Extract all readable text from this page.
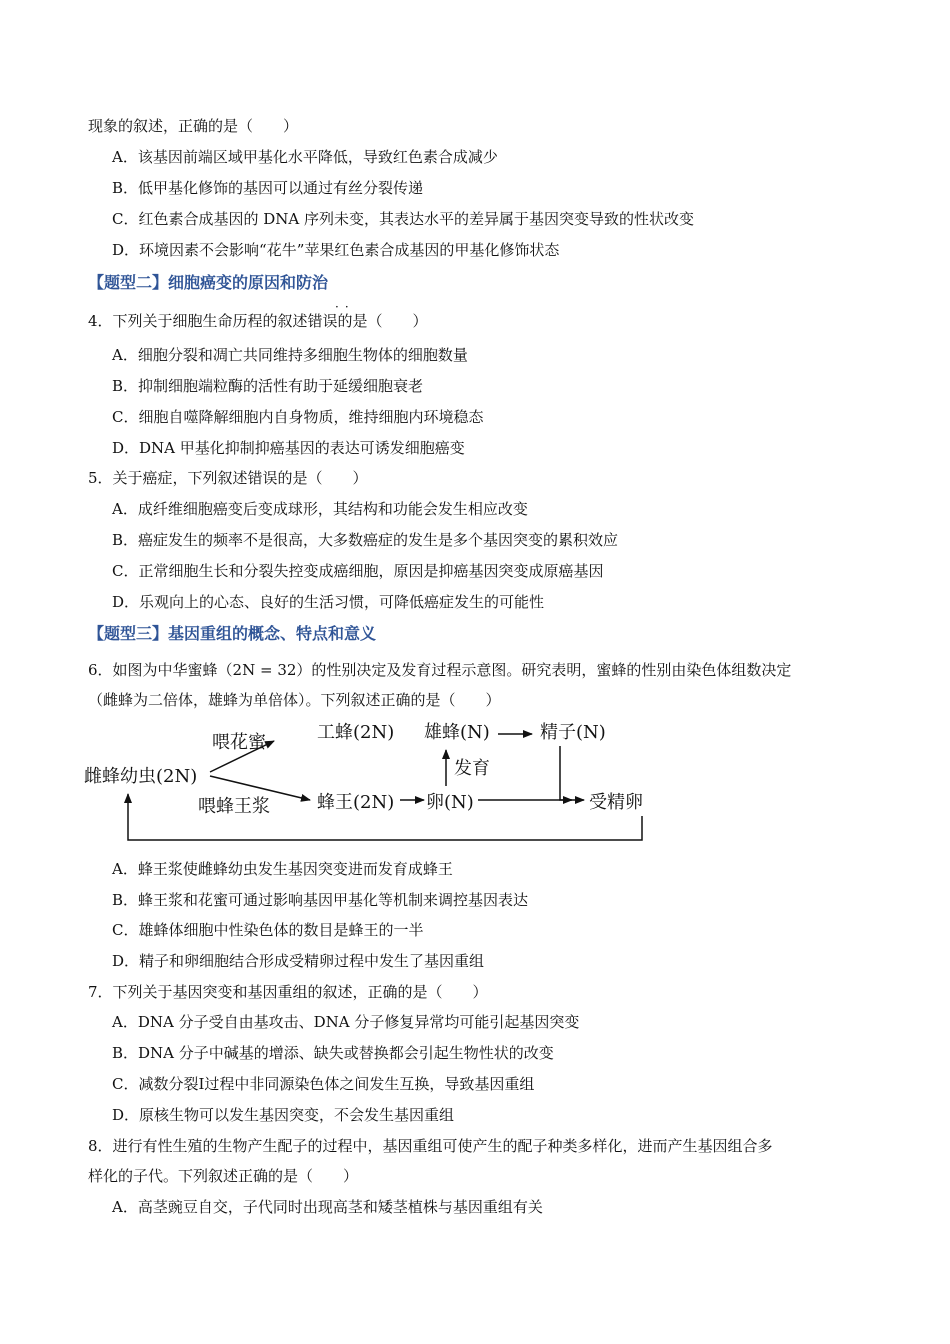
现象的叙述，正确的是（　　）
A．该基因前端区域甲基化水平降低，导致红色素合成减少
B．低甲基化修饰的基因可以通过有丝分裂传递
C．红色素合成基因的 DNA 序列未变，其表达水平的差异属于基因突变导致的性状改变
D．环境因素不会影响“花牛”苹果红色素合成基因的甲基化修饰状态
【题型二】细胞癌变的原因和防治
··
4．下列关于细胞生命历程的叙述错误的是（　　）
A．细胞分裂和凋亡共同维持多细胞生物体的细胞数量
B．抑制细胞端粒酶的活性有助于延缓细胞衰老
C．细胞自噬降解细胞内自身物质，维持细胞内环境稳态
D．DNA 甲基化抑制抑癌基因的表达可诱发细胞癌变
5．关于癌症，下列叙述错误的是（　　）
A．成纤维细胞癌变后变成球形，其结构和功能会发生相应改变
B．癌症发生的频率不是很高，大多数癌症的发生是多个基因突变的累积效应
C．正常细胞生长和分裂失控变成癌细胞，原因是抑癌基因突变成原癌基因
D．乐观向上的心态、良好的生活习惯，可降低癌症发生的可能性
【题型三】基因重组的概念、特点和意义
6．如图为中华蜜蜂（2N = 32）的性别决定及发育过程示意图。研究表明，蜜蜂的性别由染色体组数决定
（雌蜂为二倍体，雄蜂为单倍体）。下列叙述正确的是（　　）
雌蜂幼虫(2N)
喂花蜜
喂蜂王浆
工蜂(2N)
蜂王(2N) 卵(N)
雄蜂(N)	精子(N)
发育
受精卵
A．蜂王浆使雌蜂幼虫发生基因突变进而发育成蜂王
B．蜂王浆和花蜜可通过影响基因甲基化等机制来调控基因表达
C．雄蜂体细胞中性染色体的数目是蜂王的一半
D．精子和卵细胞结合形成受精卵过程中发生了基因重组
7．下列关于基因突变和基因重组的叙述，正确的是（　　）
A．DNA 分子受自由基攻击、DNA 分子修复异常均可能引起基因突变
B．DNA 分子中碱基的增添、缺失或替换都会引起生物性状的改变
C．减数分裂Ⅰ过程中非同源染色体之间发生互换，导致基因重组
D．原核生物可以发生基因突变，不会发生基因重组
8．进行有性生殖的生物产生配子的过程中，基因重组可使产生的配子种类多样化，进而产生基因组合多
样化的子代。下列叙述正确的是（　　）
A．高茎豌豆自交，子代同时出现高茎和矮茎植株与基因重组有关
